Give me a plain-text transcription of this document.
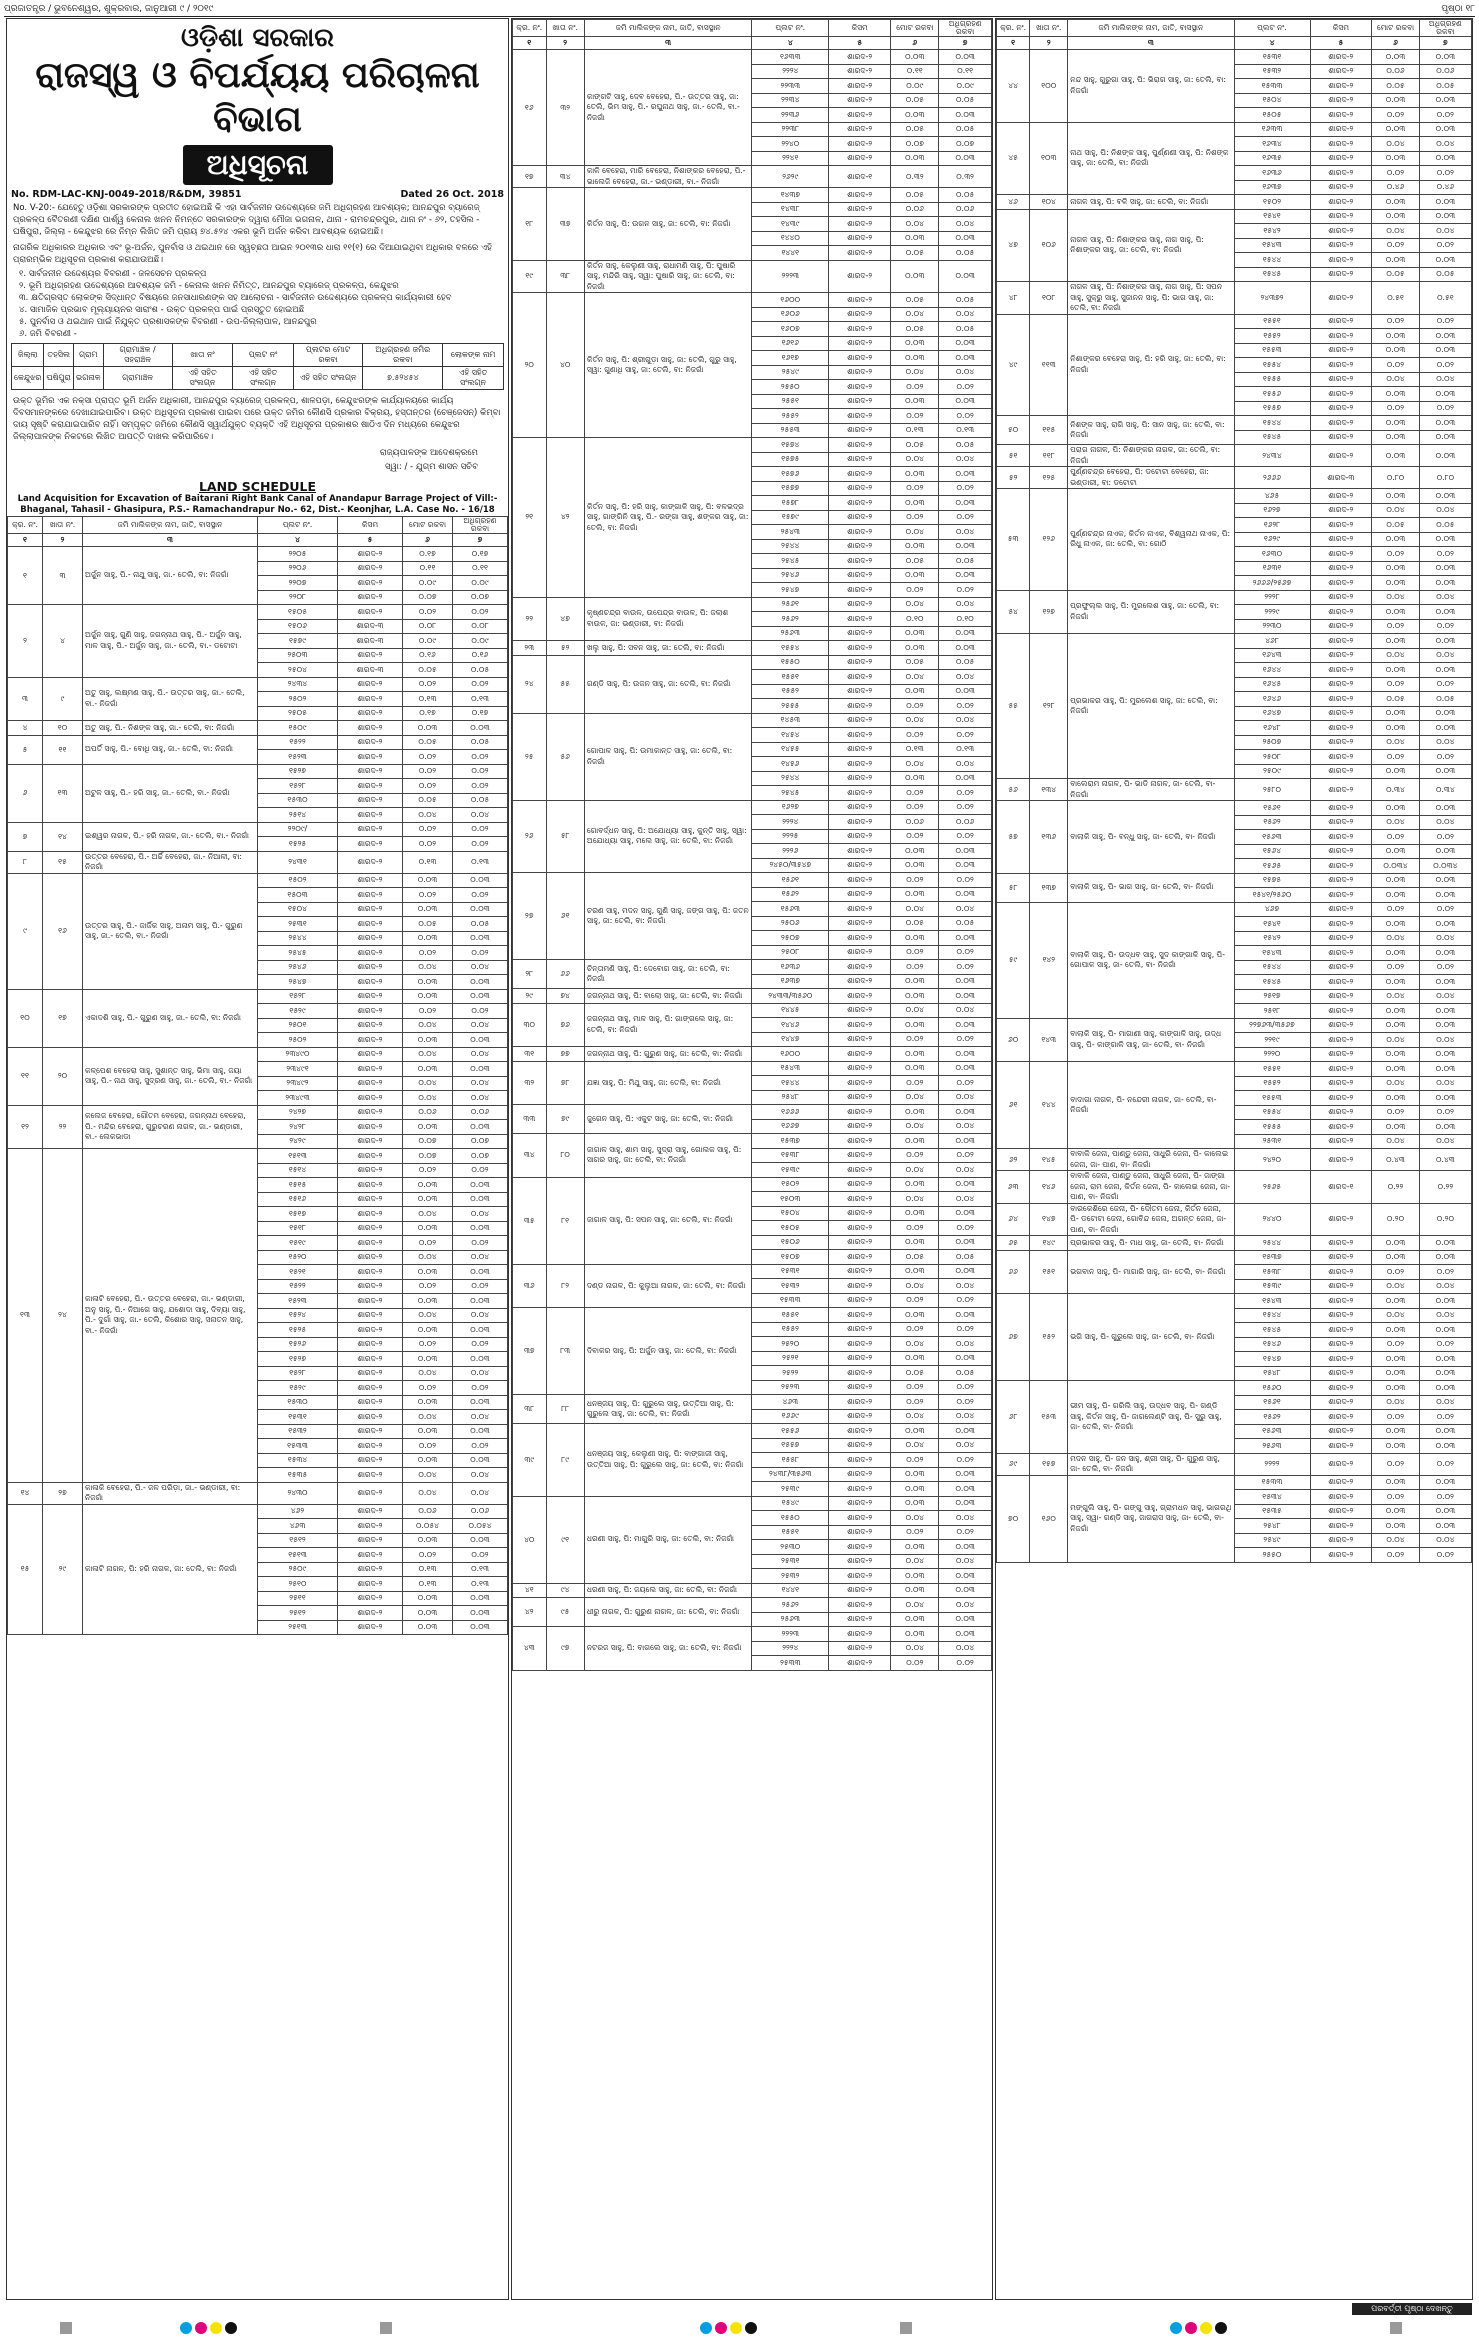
ପ୍ରଜାତନ୍ତ୍ର / ଭୁବନେଶ୍ୱର, ଶୁକ୍ରବାର, ଜାନୁଆରୀ ୯ / ୨୦୧୯	ପୃଷ୍ଠା ୧୮
ଓଡ଼ିଶା ସରକାର
ରାଜସ୍ୱ ଓ ବିପର୍ଯ୍ୟୟ ପରିଚାଳନା ବିଭାଗ
ଅଧିସୂଚନା
No. RDM-LAC-KNJ-0049-2018/R&DM, 39851	Dated 26 Oct. 2018
No. V-20:- ଯେହେତୁ ଓଡ଼ିଶା ସରକାରଙ୍କ ପ୍ରତୀତ ହୋଇଅଛି କି ଏହା ସାର୍ବଜନୀନ ଉଦ୍ଦେଶ୍ୟରେ ଜମି ଅଧିଗ୍ରହଣ ଆବଶ୍ୟକ; ଆନନ୍ଦପୁର ବ୍ୟାରେଜ୍ ପ୍ରକଳ୍ପ ବୈତରଣୀ ଦକ୍ଷିଣ ପାର୍ଶ୍ୱ କେନାଲ ଖନନ ନିମନ୍ତେ ସରକାରଙ୍କ ଦ୍ୱାରା ମୌଜା ଭଗନାଳ, ଥାନା - ରାମଚନ୍ଦ୍ରପୁର, ଥାନା ନଂ - ୬୨, ତହସିଲ - ଘଷିପୁରା, ଜିଲ୍ଲା - କେନ୍ଦୁଝର ରେ ନିମ୍ନ ଲିଖିତ ଜମି ପ୍ରାୟ ୭୪.୫୨୪ ଏକର ଭୂମି ଅର୍ଜନ କରିବା ଆବଶ୍ୟକ ହୋଇଅଛି।
ନାଗରିକ ଅଧିକାରର ଅଧିକାର ଏବଂ ଭୂ-ଅର୍ଜନ, ପୁନର୍ବାସ ଓ ଥଇଥାନ ରେ ସ୍ୱଚ୍ଛତା ଆଇନ ୨୦୧୩ର ଧାରା ୧୧(୧) ରେ ଦିଆଯାଇଥିବା ଅଧିକାର ବଳରେ ଏହି ପ୍ରାରମ୍ଭିକ ଅଧିସୂଚନା ପ୍ରକାଶ କରାଯାଉଅଛି।
୧. ସାର୍ବଜନୀନ ଉଦ୍ଦେଶ୍ୟର ବିବରଣୀ - ଜଳସେଚନ ପ୍ରକଳ୍ପ
୨. ଭୂମି ଅଧିଗ୍ରହଣ ଉଦ୍ଦେଶ୍ୟରେ ଆବଶ୍ୟକ ଜମି - କେନାଲ ଖନନ ନିମିତ୍ତ, ଆନନ୍ଦପୁର ବ୍ୟାରେଜ୍ ପ୍ରକଳ୍ପ, କେନ୍ଦୁଝର
୩. କ୍ଷତିଗ୍ରସ୍ତ ଲୋକଙ୍କ ସିଦ୍ଧାନ୍ତ ବିଷୟରେ ଜନସାଧାରଣଙ୍କ ସହ ଆଲୋଚନା - ସାର୍ବଜନୀନ ଉଦ୍ଦେଶ୍ୟରେ ପ୍ରକଳ୍ପ କାର୍ଯ୍ୟକାରୀ ହେବ
୪. ସାମାଜିକ ପ୍ରଭାବ ମୂଲ୍ୟାୟନର ସାରାଂଶ - ଉକ୍ତ ପ୍ରକଳ୍ପ ପାଇଁ ପ୍ରସ୍ତୁତ ହୋଇଅଛି
୫. ପୁନର୍ବାସ ଓ ଥଇଥାନ ପାଇଁ ନିଯୁକ୍ତ ପ୍ରଶାସକଙ୍କ ବିବରଣୀ - ଉପ-ଜିଲ୍ଲାପାଳ, ଆନନ୍ଦପୁର
୬. ଜମି ବିବରଣୀ -
ଜିଲ୍ଲା	ତହସିଲ	ଗ୍ରାମ	ଗ୍ରାମାଞ୍ଚଳ / ସହରାଞ୍ଚଳ	ଖାତା ନଂ	ପ୍ଲଟ ନଂ	ପ୍ଲଟର ମୋଟ ରକବା	ଅଧିଗ୍ରହଣ ଜମିର ରକବା	ଲୋକଙ୍କ ନାମ
କେନ୍ଦୁଝର	ଘଷିପୁରା	ଭଗନାଳ	ଗ୍ରାମାଞ୍ଚଳ	ଏହି ସହିତ ସଂଲଗ୍ନ	ଏହି ସହିତ ସଂଲଗ୍ନ	ଏହି ସହିତ ସଂଲଗ୍ନ	୭.୫୨୪୫୪	ଏହି ସହିତ ସଂଲଗ୍ନ
ଉକ୍ତ ଭୂମିର ଏକ ନକ୍ସା ପ୍ରାପ୍ତ ଭୂମି ଅର୍ଜନ ଅଧିକାରୀ, ଆନନ୍ଦପୁର ବ୍ୟାରେଜ୍ ପ୍ରକଳ୍ପ, ଶାଳପଡ଼ା, କେନ୍ଦୁଝରଙ୍କ କାର୍ଯ୍ୟାଳୟରେ କାର୍ଯ୍ୟ ଦିବସମାନଙ୍କରେ ଦେଖାଯାଇପାରିବ। ଉକ୍ତ ଅଧିସୂଚନା ପ୍ରକାଶ ପାଇବା ପରେ ଉକ୍ତ ଜମିର କୌଣସି ପ୍ରକାର ବିକ୍ରୟ, ହସ୍ତାନ୍ତର (ଚେଞ୍ଜେସନ୍) କିମ୍ବା ଦାୟ ସୃଷ୍ଟି କରାଯାଇପାରିବ ନାହିଁ। ସମ୍ପୃକ୍ତ ଜମିରେ କୌଣସି ସ୍ୱାର୍ଥଯୁକ୍ତ ବ୍ୟକ୍ତି ଏହି ଅଧିସୂଚନା ପ୍ରକାଶର ଷାଠିଏ ଦିନ ମଧ୍ୟରେ କେନ୍ଦୁଝର ଜିଲ୍ଲାପାଳଙ୍କ ନିକଟରେ ଲିଖିତ ଆପତ୍ତି ଦାଖଲ କରିପାରିବେ।
ରାଜ୍ୟପାଳଙ୍କ ଆଦେଶକ୍ରମେ
ସ୍ୱା: / - ଯୁଗ୍ମ ଶାସନ ସଚିବ
LAND SCHEDULE
Land Acquisition for Excavation of Baitarani Right Bank Canal of Anandapur Barrage Project of Vill:- Bhaganal, Tahasil - Ghasipura, P.S.- Ramachandrapur No.- 62, Dist.- Keonjhar, L.A. Case No. - 16/18
କ୍ର. ନଂ.	ଖାତା ନଂ.	ଜମି ମାଲିକଙ୍କ ନାମ, ଜାତି, ବାସସ୍ଥାନ	ପ୍ଲଟ ନଂ.	କିସମ	ମୋଟ ରକବା	ଅଧିଗ୍ରହଣ ରକବା
୧	୨	୩	୪	୫	୬	୭
୧	୩	ଅର୍ଜୁନ ସାହୁ, ପି.- ନାଥୁ ସାହୁ, ଜା.- ତେଲି, ବା: ନିଜଗାଁ	୨୨୦୫	ଶାରଦ-୨	୦.୧୭	୦.୧୭
			୨୨୦୬	ଶାରଦ-୨	୦.୧୧	୦.୧୧
			୨୨୦୭	ଶାରଦ-୨	୦.୦୯	୦.୦୯
			୨୨୦୮	ଶାରଦ-୨	୦.୦୭	୦.୦୭
୨	୪	ଅର୍ଜୁନ ସାହୁ, ଗୁଣି ସାହୁ, ଜଗନ୍ନାଥ ସାହୁ, ପି.- ଅର୍ଜୁନ ସାହୁ, ମାଳ ସାହୁ, ପି.- ଅର୍ଜୁନ ସାହୁ, ଜା.- ତେଲି, ବା.- ଡଟୋଟା	୧୫୦୫	ଶାରଦ-୨	୦.୦୨	୦.୦୨
			୧୫୦୬	ଶାରଦ-୩	୦.୦୮	୦.୦୮
			୧୫୭୯	ଶାରଦ-୩	୦.୦୯	୦.୦୯
			୨୫୦୩	ଶାରଦ-୨	୦.୧୬	୦.୧୬
			୨୫୦୪	ଶାରଦ-୩	୦.୦୫	୦.୦୫
୩	୯	ଅତୁ ସାହୁ, ଲକ୍ଷ୍ମଣ ସାହୁ, ପି.- ଉତ୍ତର ସାହୁ, ଜା.- ତେଲି, ବା.- ନିଜଗାଁ	୨୪୩୪	ଶାରଦ-୨	୦.୦୨	୦.୦୨
			୨୫୦୨	ଶାରଦ-୨	୦.୧୩	୦.୧୩
			୨୫୦୫	ଶାରଦ-୨	୦.୧୭	୦.୧୭
୪	୧୦	ଅତୁ ସାହୁ, ପି.- ନିଶଙ୍କ ସାହୁ, ଜା.- ତେଲି, ବା: ନିଜଗାଁ	୧୫୦୯	ଶାରଦ-୨	୦.୦୩	୦.୦୩
୫	୧୧	ଅପର୍ତି ସାହୁ, ପି.- ବୋଧି ସାହୁ, ଜା.- ତେଲି, ବା: ନିଜଗାଁ	୧୫୨୨	ଶାରଦ-୨	୦.୦୫	୦.୦୫
			୧୫୨୩	ଶାରଦ-୨	୦.୦୨	୦.୦୨
୬	୧୩	ଅଟୁଳ ସାହୁ, ପି.- ହରି ସାହୁ, ଜା.- ତେଲି, ବା.- ନିଜଗାଁ	୧୫୨୭	ଶାରଦ-୨	୦.୦୨	୦.୦୨
			୧୫୨୮	ଶାରଦ-୨	୦.୦୨	୦.୦୨
			୧୫୩୦	ଶାରଦ-୨	୦.୦୫	୦.୦୫
			୨୫୧୪	ଶାରଦ-୨	୦.୦୪	୦.୦୪
୭	୧୪	ଇଶ୍ୱର ନାଗଳ, ପି.- ହରି ନାଗଳ, ଜା.- ତେଲି, ବା.- ନିଜଗାଁ	୨୨୦୯/	ଶାରଦ-୨	୦.୦୨	୦.୦୨
			୧୫୨୫	ଶାରଦ-୨	୦.୦୨	୦.୦୨
୮	୧୫	ଉତ୍ତର ବେହେରା, ପି.- ଅର୍ଚ୍ଚି ବେହେରା, ଜା.- ନିଆଳୀ, ବା: ନିଜଗାଁ	୨୪୩୧	ଶାରଦ-୨	୦.୧୩	୦.୧୩
୯	୧୬	ଉତ୍ତର ସାହୁ, ପି.- ଜାର୍ଜିକ ସାହୁ, ଅନାମ ସାହୁ, ପି.- ଗୁରୁଣ ସାହୁ, ଜା.- ତେଲି, ବା.- ନିଜଗାଁ	୧୫୦୨	ଶାରଦ-୨	୦.୦୩	୦.୦୩
			୧୫୦୩	ଶାରଦ-୨	୦.୦୨	୦.୦୨
			୧୫୦୪	ଶାରଦ-୨	୦.୦୩	୦.୦୩
			୨୫୩୧	ଶାରଦ-୨	୦.୦୫	୦.୦୫
			୨୫୪୪	ଶାରଦ-୨	୦.୦୩	୦.୦୩
			୨୫୪୫	ଶାରଦ-୨	୦.୦୨	୦.୦୨
			୨୫୪୬	ଶାରଦ-୨	୦.୦୪	୦.୦୪
			୨୫୪୭	ଶାରଦ-୨	୦.୦୩	୦.୦୩
୧୦	୧୭	ଏକାଦଶି ସାହୁ, ପି.- ଗୁରୁଣ ସାହୁ, ଜା.- ତେଲି, ବା: ନିଜଗାଁ	୧୫୨୮	ଶାରଦ-୨	୦.୦୩	୦.୦୩
			୧୫୨୯	ଶାରଦ-୨	୦.୦୨	୦.୦୨
			୨୫୦୧	ଶାରଦ-୨	୦.୦୪	୦.୦୪
			୨୫୦୨	ଶାରଦ-୨	୦.୦୩	୦.୦୩
୧୧	୨୦	କଳ୍ପେଶ ବେହେରା ସାହୁ, ସୁଶାନ୍ତ ସାହୁ, ଭିମା ସାହୁ, ଜୟା ସାହୁ, ପି.- ନାଥ ସାହୁ, ସୁଦ୍ରଣ ସାହୁ, ଜା.- ତେଲି, ବା.- ନିଜଗାଁ	୨୩୪୯୦	ଶାରଦ-୨	୦.୦୪	୦.୦୪
			୨୩୪୯୧	ଶାରଦ-୨	୦.୦୩	୦.୦୩
			୨୩୪୯୨	ଶାରଦ-୨	୦.୦୪	୦.୦୪
			୨୩୪୯୩	ଶାରଦ-୨	୦.୦୪	୦.୦୪
୧୨	୨୨	କଲେଜ ବେହେରା, ଗୌତମ ବେହେରା, ଜଗନ୍ନାଥ ବେହେରା, ପି.- ମନ୍ଦିର ବେହେରା, ଗୁରୁଚରଣ ନାଗଳ, ଜା.- ଭଣ୍ଡାରୀ, ବା.- ଲେକଭାଡା	୨୪୨୭	ଶାରଦ-୨	୦.୦୬	୦.୦୬
			୨୪୨୮	ଶାରଦ-୨	୦.୦୩	୦.୦୩
			୨୪୨୯	ଶାରଦ-୨	୦.୦୭	୦.୦୭
୧୩	୨୪	କାଳାଟି ବେହେରା, ପି.- ଉତ୍ତର ବେହେରା, ଜା.- ଭଣ୍ଡାରୀ, ଅନୁ ସାହୁ, ପି.- ନିଆଗେ ସାହୁ, ଯଶୋଦା ସାହୁ, ଦିବ୍ୟା ସାହୁ, ପି.- ଦୁର୍ଗା ସାହୁ, ଜା.- ତେଲି, କିଶୋର ସାହୁ, ସନାତନ ସାହୁ, ବା.- ନିଜଗାଁ	୧୫୧୩	ଶାରଦ-୨	୦.୦୭	୦.୦୭
			୧୫୧୪	ଶାରଦ-୨	୦.୦୨	୦.୦୨
			୧୫୧୫	ଶାରଦ-୨	୦.୦୩	୦.୦୩
			୧୫୧୬	ଶାରଦ-୨	୦.୦୩	୦.୦୩
			୧୫୧୭	ଶାରଦ-୨	୦.୦୪	୦.୦୪
			୧୫୧୮	ଶାରଦ-୨	୦.୦୩	୦.୦୩
			୧୫୧୯	ଶାରଦ-୨	୦.୦୨	୦.୦୨
			୧୫୨୦	ଶାରଦ-୨	୦.୦୪	୦.୦୪
			୧୫୨୧	ଶାରଦ-୨	୦.୦୩	୦.୦୩
			୧୫୨୨	ଶାରଦ-୨	୦.୦୨	୦.୦୨
			୧୫୨୩	ଶାରଦ-୨	୦.୦୩	୦.୦୩
			୧୫୨୪	ଶାରଦ-୨	୦.୦୪	୦.୦୪
			୧୫୨୫	ଶାରଦ-୨	୦.୦୩	୦.୦୩
			୧୫୨୬	ଶାରଦ-୨	୦.୦୨	୦.୦୨
			୧୫୨୭	ଶାରଦ-୨	୦.୦୩	୦.୦୩
			୧୫୨୮	ଶାରଦ-୨	୦.୦୪	୦.୦୪
			୧୫୨୯	ଶାରଦ-୨	୦.୦୨	୦.୦୨
			୧୫୩୦	ଶାରଦ-୨	୦.୦୩	୦.୦୩
			୧୫୩୧	ଶାରଦ-୨	୦.୦୪	୦.୦୪
			୧୫୩୨	ଶାରଦ-୨	୦.୦୩	୦.୦୩
			୧୫୩୩	ଶାରଦ-୨	୦.୦୨	୦.୦୨
			୧୫୩୪	ଶାରଦ-୨	୦.୦୩	୦.୦୩
			୧୫୩୫	ଶାରଦ-୨	୦.୦୪	୦.୦୪
୧୪	୨୭	କାଳାକି ବେହେରା, ପି.- ଜଳ ପରିଡ଼ା, ଜା.- ଭଣ୍ଡାରୀ, ବା: ନିଜଗାଁ	୨୪୩୦	ଶାରଦ-୨	୦.୦୪	୦.୦୪
୧୫	୨୯	କାଳାଟି ନାଗଳ, ପି: ହରି ନାଗଳ, ଜା: ତେଲି, ବା: ନିଜଗାଁ	୪୬୨	ଶାରଦ-୨	୦.୦୬	୦.୦୬
			୪୬୩	ଶାରଦ-୨	୦.୦୫୪	୦.୦୫୪
			୧୫୧୨	ଶାରଦ-୨	୦.୦୩	୦.୦୩
			୧୫୧୩	ଶାରଦ-୨	୦.୦୨	୦.୦୨
			୨୫୦୯	ଶାରଦ-୨	୦.୧୩	୦.୧୩
			୨୫୧୦	ଶାରଦ-୨	୦.୧୩	୦.୧୩
			୨୫୧୧	ଶାରଦ-୨	୦.୦୩	୦.୦୩
			୨୫୧୨	ଶାରଦ-୨	୦.୦୩	୦.୦୩
			୨୫୧୩	ଶାରଦ-୨	୦.୦୩	୦.୦୩
କ୍ର. ନଂ.	ଖାତା ନଂ.	ଜମି ମାଲିକଙ୍କ ନାମ, ଜାତି, ବାସସ୍ଥାନ	ପ୍ଲଟ ନଂ.	କିସମ	ମୋଟ ରକବା	ଅଧିଗ୍ରହଣ ରକବା
୧	୨	୩	୪	୫	୬	୭
୧୬	୩୨	କାଙ୍ଗଟି ସାହୁ, ଦେବ ବେହେରା, ପି.- ଉତ୍ତର ସାହୁ, ଜା: ତେଲି, ଭିମ ସାହୁ, ପି.- ରଘୁନାଥ ସାହୁ, ଜା.- ତେଲି, ବା.- ନିଜଗାଁ	୧୬୩୩	ଶାରଦ-୨	୦.୦୩	୦.୦୩
			୨୨୨୪	ଶାରଦ-୨	୦.୧୧	୦.୧୧
			୨୨୩୩	ଶାରଦ-୨	୦.୦୯	୦.୦୯
			୨୨୩୪	ଶାରଦ-୨	୦.୦୫	୦.୦୫
			୨୨୩୬	ଶାରଦ-୨	୦.୦୩	୦.୦୩
			୨୨୩୮	ଶାରଦ-୨	୦.୦୫	୦.୦୫
			୨୨୪୦	ଶାରଦ-୨	୦.୦୭	୦.୦୭
			୨୨୪୧	ଶାରଦ-୨	୦.୦୩	୦.୦୩
୧୭	୩୪	କାଳି ବେହେରା, ମାରି ବେହେରା, ନିଶାଙ୍କର ବେହେରା, ପି.- ଭାଲେଜି ବେହେରା, ଜା.- ଭଣ୍ଡାରୀ, ବା.- ନିଜଗାଁ	୨୬୨୯	ଶାରଦ-୧	୦.୩୨	୦.୩୨
୧୮	୩୭	କିର୍ତନ ସାହୁ, ପି: ଉଗନ ସାହୁ, ଜା: ତେଲି, ବା: ନିଜଗାଁ	୧୪୩୭	ଶାରଦ-୨	୦.୦୫	୦.୦୫
			୧୪୩୮	ଶାରଦ-୨	୦.୦୬	୦.୦୬
			୧୪୩୯	ଶାରଦ-୨	୦.୦୪	୦.୦୪
			୧୪୪୦	ଶାରଦ-୨	୦.୦୩	୦.୦୩
			୧୪୪୧	ଶାରଦ-୨	୦.୦୫	୦.୦୫
୧୯	୩୮	କିର୍ତନ ସାହୁ, କେଲୁଣୀ ସାହୁ, ରାଧାମଣି ସାହୁ, ପି: ପୁଷାରି ସାହୁ, ମନ୍ଦିରି ସାହୁ, ସ୍ୱା: ପୁଷାରି ସାହୁ, ଜା: ତେଲି, ବା: ନିଜଗାଁ	୨୨୨୩	ଶାରଦ-୨	୦.୦୩	୦.୦୩
୨୦	୪୦	କିର୍ତନ ସାହୁ, ପି: ଶ୍ରୀଗୁଡ଼ା ସାହୁ, ଜା: ତେଲି, ଗୁରୁ ସାହୁ, ସ୍ୱା: ଗୁଣାଧି ସାହୁ, ଜା: ତେଲି, ବା: ନିଜଗାଁ	୧୬୦୦	ଶାରଦ-୨	୦.୦୫	୦.୦୫
			୧୬୦୬	ଶାରଦ-୨	୦.୦୪	୦.୦୪
			୧୬୦୭	ଶାରଦ-୨	୦.୦୫	୦.୦୫
			୧୬୧୬	ଶାରଦ-୨	୦.୦୩	୦.୦୩
			୧୬୧୭	ଶାରଦ-୨	୦.୦୩	୦.୦୩
			୨୫୪୯	ଶାରଦ-୨	୦.୦୪	୦.୦୪
			୨୫୫୦	ଶାରଦ-୨	୦.୦୨	୦.୦୨
			୨୫୫୧	ଶାରଦ-୨	୦.୦୩	୦.୦୩
			୨୫୫୨	ଶାରଦ-୨	୦.୦୨	୦.୦୨
			୨୫୫୩	ଶାରଦ-୨	୦.୧୩	୦.୧୩
୨୧	୪୨	କିର୍ତନ ସାହୁ, ପି: ହରି ସାହୁ, କାଙ୍ଗାଳି ସାହୁ, ପି: ବଳଭଦ୍ର ସାହୁ, ଗାଙ୍ଗିନି ସାହୁ, ପି.- ରଙ୍ଗା ସାହୁ, ଶଙ୍କର ସାହୁ, ଜା: ତେଲି, ବା: ନିଜଗାଁ	୧୫୭୪	ଶାରଦ-୨	୦.୦୫	୦.୦୫
			୧୫୭୫	ଶାରଦ-୨	୦.୦୪	୦.୦୪
			୧୫୭୬	ଶାରଦ-୨	୦.୦୩	୦.୦୩
			୧୫୭୭	ଶାରଦ-୨	୦.୦୨	୦.୦୨
			୧୫୭୮	ଶାରଦ-୨	୦.୦୩	୦.୦୩
			୧୫୭୯	ଶାରଦ-୨	୦.୦୨	୦.୦୨
			୨୫୪୩	ଶାରଦ-୨	୦.୦୪	୦.୦୪
			୨୫୪୪	ଶାରଦ-୨	୦.୦୩	୦.୦୩
			୨୫୪୫	ଶାରଦ-୨	୦.୦୫	୦.୦୫
			୨୫୪୬	ଶାରଦ-୨	୦.୦୩	୦.୦୩
			୨୫୪୭	ଶାରଦ-୨	୦.୦୨	୦.୦୨
୨୨	୪୭	କୃଷ୍ଣଚନ୍ଦ୍ର ବାଉଳ, ଉପେନ୍ଦ୍ର ବାଉଳ, ପି: ଜଲାଶ ବାଉଳ, ଜା: ଭଣ୍ଡାରୀ, ବା: ନିଜଗାଁ	୨୫୬୧	ଶାରଦ-୨	୦.୦୪	୦.୦୪
			୨୫୬୨	ଶାରଦ-୨	୦.୧୦	୦.୧୦
			୨୫୬୩	ଶାରଦ-୨	୦.୦୩	୦.୦୩
୨୩	୫୨	ଖଲୁ ସାହୁ, ପି: ସବନ ସାହୁ, ଜା: ତେଲି, ବା: ନିଜଗାଁ	୧୫୫୪	ଶାରଦ-୨	୦.୦୩	୦.୦୩
୨୪	୫୫	ଗଣ୍ଡି ସାହୁ, ପି: ଉଜନ ସାହୁ, ଜା: ତେଲି, ବା: ନିଜଗାଁ	୧୫୫୦	ଶାରଦ-୨	୦.୦୫	୦.୦୫
			୧୫୫୧	ଶାରଦ-୨	୦.୦୪	୦.୦୪
			୧୫୫୨	ଶାରଦ-୨	୦.୦୩	୦.୦୩
			୨୫୫୫	ଶାରଦ-୨	୦.୦୨	୦.୦୨
୨୫	୫୬	ଗୋପାଳ ସାହୁ, ପି: ଉମାକାନ୍ତ ସାହୁ, ଜା: ତେଲି, ବା: ନିଜଗାଁ	୧୪୫୩	ଶାରଦ-୨	୦.୦୪	୦.୦୪
			୧୪୫୪	ଶାରଦ-୨	୦.୦୨	୦.୦୨
			୧୪୫୫	ଶାରଦ-୨	୦.୧୩	୦.୧୩
			୧୪୫୬	ଶାରଦ-୨	୦.୦୪	୦.୦୪
			୨୫୪୪	ଶାରଦ-୨	୦.୦୩	୦.୦୩
			୨୫୪୫	ଶାରଦ-୨	୦.୦୨	୦.୦୨
୨୬	୫୮	ଗୋବର୍ଦ୍ଧନ ସାହୁ, ପି: ଅଯୋଧ୍ୟା ସାହୁ, କୁନ୍ତି ସାହୁ, ସ୍ୱା: ଅଯୋଧ୍ୟା ସାହୁ, ମଲେ ସାହୁ, ଜା: ତେଲି, ବା: ନିଜଗାଁ	୧୬୨୭	ଶାରଦ-୨	୦.୦୨	୦.୦୨
			୨୨୨୪	ଶାରଦ-୨	୦.୦୬	୦.୦୬
			୨୨୨୫	ଶାରଦ-୨	୦.୦୨	୦.୦୨
			୨୨୨୬	ଶାରଦ-୨	୦.୦୩	୦.୦୩
			୨୪୫୦/୩୫୪୭	ଶାରଦ-୨	୦.୦୩	୦.୦୩
୨୭	୬୧	ଚରଣ ସାହୁ, ମଦନ ସାହୁ, ଗୁଣି ସାହୁ, ଜଙ୍ଗ ସାହୁ, ପି: ଜତନ ସାହୁ, ଜା: ତେଲି, ବା: ନିଜଗାଁ	୧୫୬୧	ଶାରଦ-୨	୦.୦୨	୦.୦୨
			୧୫୬୨	ଶାରଦ-୨	୦.୦୩	୦.୦୩
			୧୫୬୩	ଶାରଦ-୨	୦.୦୪	୦.୦୪
			୨୫୦୬	ଶାରଦ-୨	୦.୦୫	୦.୦୫
			୨୫୦୭	ଶାରଦ-୨	୦.୦୩	୦.୦୩
			୨୫୦୮	ଶାରଦ-୨	୦.୦୨	୦.୦୨
୨୮	୬୬	ଚିନ୍ତାମଣି ସାହୁ, ପି: ଦେବୋଗ ସାହୁ, ଜା: ତେଲି, ବା: ନିଜଗାଁ	୧୬୩୬	ଶାରଦ-୨	୦.୦୨	୦.୦୨
			୧୬୩୭	ଶାରଦ-୨	୦.୦୩	୦.୦୩
୨୯	୭୪	ଜଗନ୍ନାଥ ସାହୁ, ପି: ବାଲୋ ସାହୁ, ଜା: ତେଲି, ବା: ନିଜଗାଁ	୨୪୩୩/୩୫୬୦	ଶାରଦ-୨	୦.୦୩	୦.୦୩
୩୦	୭୬	ଜଗନ୍ନାଥ ସାହୁ, ମାଳ ସାହୁ, ପି: ଗାଙ୍ଗଲେ ସାହୁ, ଜା: ତେଲି, ବା: ନିଜଗାଁ	୧୪୪୫	ଶାରଦ-୨	୦.୦୪	୦.୦୪
			୧୪୪୬	ଶାରଦ-୨	୦.୦୩	୦.୦୩
			୧୪୪୭	ଶାରଦ-୨	୦.୦୨	୦.୦୨
୩୧	୭୭	ଜଗନ୍ନାଥ ସାହୁ, ପି: ଗୁରୁଣ ସାହୁ, ଜା: ତେଲି, ବା: ନିଜଗାଁ	୧୬୦୦	ଶାରଦ-୨	୦.୦୩	୦.୦୩
୩୨	୭୮	ଯଜ୍ଞା ସାହୁ, ପି: ମିଥୁ ସାହୁ, ଜା: ତେଲି, ବା: ନିଜଗାଁ	୧୫୪୩	ଶାରଦ-୨	୦.୦୩	୦.୦୩
			୧୫୪୪	ଶାରଦ-୨	୦.୦୨	୦.୦୨
			୨୫୪୮	ଶାରଦ-୨	୦.୦୪	୦.୦୪
୩୩	୭୯	ଜୁଗେନ ସାହୁ, ପି: ଏକୁଟ ସାହୁ, ଜା: ତେଲି, ବା: ନିଜଗାଁ	୧୬୬୬	ଶାରଦ-୨	୦.୦୩	୦.୦୩
			୧୬୬୭	ଶାରଦ-୨	୦.୦୪	୦.୦୪
୩୪	୮୦	ଜାଗାଳ ସାହୁ, ଶାମ ସାହୁ, ସୁଦ୍ରା ସାହୁ, ଗୋଲକ ସାହୁ, ପି: ସାଗର ସାହୁ, ଜା: ତେଲି, ବା: ନିଜଗାଁ	୧୫୩୭	ଶାରଦ-୨	୦.୦୩	୦.୦୩
			୧୫୩୮	ଶାରଦ-୨	୦.୦୨	୦.୦୨
			୧୫୩୯	ଶାରଦ-୨	୦.୦୪	୦.୦୪
୩୫	୮୧	ଜାଗାଳ ସାହୁ, ପି: ସପନ ସାହୁ, ଜା: ତେଲି, ବା: ନିଜଗାଁ	୧୫୦୨	ଶାରଦ-୨	୦.୦୩	୦.୦୩
			୧୫୦୩	ଶାରଦ-୨	୦.୦୪	୦.୦୪
			୧୫୦୪	ଶାରଦ-୨	୦.୦୩	୦.୦୩
			୧୫୦୫	ଶାରଦ-୨	୦.୦୨	୦.୦୨
			୧୫୦୬	ଶାରଦ-୨	୦.୦୩	୦.୦୩
			୧୫୦୭	ଶାରଦ-୨	୦.୦୫	୦.୦୫
୩୬	୮୨	ଦଣ୍ଡ ନାଗଳ, ପି: କୁଲୁଆ ନାଗଳ, ଜା: ତେଲି, ବା: ନିଜଗାଁ	୧୫୩୧	ଶାରଦ-୨	୦.୦୩	୦.୦୩
			୧୫୩୨	ଶାରଦ-୨	୦.୦୪	୦.୦୪
			୧୫୩୩	ଶାରଦ-୨	୦.୦୨	୦.୦୨
୩୭	୮୩	ଦିବାକର ସାହୁ, ପି: ଅର୍ଜୁନ ସାହୁ, ଜା: ତେଲି, ବା: ନିଜଗାଁ	୧୫୫୧	ଶାରଦ-୨	୦.୦୩	୦.୦୩
			୧୫୫୨	ଶାରଦ-୨	୦.୦୨	୦.୦୨
			୨୫୨୦	ଶାରଦ-୨	୦.୦୪	୦.୦୪
			୨୫୨୧	ଶାରଦ-୨	୦.୦୩	୦.୦୩
			୨୫୨୨	ଶାରଦ-୨	୦.୦୫	୦.୦୫
			୨୫୨୩	ଶାରଦ-୨	୦.୦୨	୦.୦୨
୩୮	୮୮	ଧନଞ୍ଜୟ ସାହୁ, ପି: ଗୁରୁଲେ ସାହୁ, ଉତ୍ତିଆ ସାହୁ, ପି: ଗୁରୁଲେ ସାହୁ, ଜା: ତେଲି, ବା: ନିଜଗାଁ	୪୬୩	ଶାରଦ-୨	୦.୦୨	୦.୦୨
			୧୬୬୯	ଶାରଦ-୨	୦.୦୪	୦.୦୪
୩୯	୮୯	ଧନଞ୍ଜୟ ସାହୁ, କେଲୁଣୀ ସାହୁ, ପି: ବାଙ୍ଗାଜୀ ସାହୁ, ଉତ୍ତିଆ ସାହୁ, ପି: ଗୁରୁଲେ ସାହୁ, ଜା: ତେଲି, ବା: ନିଜଗାଁ	୧୫୫୬	ଶାରଦ-୨	୦.୦୩	୦.୦୩
			୧୫୫୭	ଶାରଦ-୨	୦.୦୪	୦.୦୪
			୧୫୫୮	ଶାରଦ-୨	୦.୦୨	୦.୦୨
			୨୪୩୮/୩୫୬୩	ଶାରଦ-୨	୦.୦୩	୦.୦୩
			୨୫୩୯	ଶାରଦ-୨	୦.୦୩	୦.୦୩
୪୦	୯୧	ଧରଣୀ ସାହୁ, ପି: ମାଗୁରି ସାହୁ, ଜା: ତେଲି, ବା: ନିଜଗାଁ	୧୫୪୯	ଶାରଦ-୨	୦.୦୩	୦.୦୩
			୧୫୫୦	ଶାରଦ-୨	୦.୦୪	୦.୦୪
			୧୫୫୧	ଶାରଦ-୨	୦.୦୨	୦.୦୨
			୨୫୩୦	ଶାରଦ-୨	୦.୦୩	୦.୦୩
			୨୫୩୧	ଶାରଦ-୨	୦.୦୪	୦.୦୪
			୨୫୩୨	ଶାରଦ-୨	୦.୦୩	୦.୦୩
୪୧	୯୪	ଧରଣୀ ସାହୁ, ପି: ଜୟଲେ ସାହୁ, ଜା: ତେଲି, ବା: ନିଜଗାଁ	୧୪୪୧	ଶାରଦ-୨	୦.୦୩	୦.୦୩
୪୨	୯୫	ଧୀରୁ ନାଗଳ, ପି: ଗୁରୁଣ ନାଗଳ, ଜା: ତେଲି, ବା: ନିଜଗାଁ	୨୫୬୨	ଶାରଦ-୨	୦.୦୪	୦.୦୪
			୨୫୬୩	ଶାରଦ-୨	୦.୦୩	୦.୦୩
୪୩	୯୭	ନଟରଜ ସାହୁ, ପି: ବାଗଲେ ସାହୁ, ଜା: ତେଲି, ବା: ନିଜଗାଁ	୨୨୨୩	ଶାରଦ-୨	୦.୦୩	୦.୦୩
			୨୨୨୪	ଶାରଦ-୨	୦.୦୪	୦.୦୪
			୨୫୩୩	ଶାରଦ-୨	୦.୦୨	୦.୦୨
କ୍ର. ନଂ.	ଖାତା ନଂ.	ଜମି ମାଲିକଙ୍କ ନାମ, ଜାତି, ବାସସ୍ଥାନ	ପ୍ଲଟ ନଂ.	କିସମ	ମୋଟ ରକବା	ଅଧିଗ୍ରହଣ ରକବା
୧	୨	୩	୪	୫	୬	୭
୪୪	୧୦୦	ନନ୍ଦ ସାହୁ, ଗୁରୁଗା ସାହୁ, ପି: ଭିରାଗ ସାହୁ, ଜା: ତେଲି, ବା: ନିଜଗାଁ	୧୫୩୧	ଶାରଦ-୨	୦.୦୩	୦.୦୩
			୧୫୩୨	ଶାରଦ-୨	୦.୦୬	୦.୦୬
			୧୫୩୩	ଶାରଦ-୨	୦.୦୫	୦.୦୫
			୧୫୦୪	ଶାରଦ-୨	୦.୦୩	୦.୦୩
			୧୫୦୫	ଶାରଦ-୨	୦.୦୨	୦.୦୨
୪୫	୧୦୩	ନାଥ ସାହୁ, ପି: ନିଶଙ୍କ ସାହୁ, ପୁର୍ଣ୍ଣଣୀ ସାହୁ, ପି: ନିଶଙ୍କ ସାହୁ, ଜା: ତେଲି, ବା: ନିଜଗାଁ	୧୬୩୩	ଶାରଦ-୨	୦.୦୩	୦.୦୩
			୧୬୩୪	ଶାରଦ-୨	୦.୦୪	୦.୦୪
			୧୬୩୫	ଶାରଦ-୨	୦.୦୩	୦.୦୩
			୧୬୩୬	ଶାରଦ-୨	୦.୦୨	୦.୦୨
			୧୬୩୭	ଶାରଦ-୨	୦.୪୬	୦.୪୬
୪୬	୧୦୪	ନାଗଳ ସାହୁ, ପି: ବଳି ସାହୁ, ଜା: ତେଲି, ବା: ନିଜଗାଁ	୧୫୦୨	ଶାରଦ-୨	୦.୦୩	୦.୦୩
୪୭	୧୦୬	ନାଗଳ ସାହୁ, ପି: ନିଶାଙ୍କର ସାହୁ, ନାଗ ସାହୁ, ପି: ନିଶାଙ୍କର ସାହୁ, ଜା: ତେଲି, ବା: ନିଜଗାଁ	୧୫୪୧	ଶାରଦ-୨	୦.୦୩	୦.୦୩
			୧୫୪୨	ଶାରଦ-୨	୦.୦୪	୦.୦୪
			୧୫୪୩	ଶାରଦ-୨	୦.୦୨	୦.୦୨
			୧୫୪୪	ଶାରଦ-୨	୦.୦୩	୦.୦୩
			୧୫୪୫	ଶାରଦ-୨	୦.୦୫	୦.୦୫
୪୮	୧୦୮	ନାଗଳ ସାହୁ, ପି: ନିଶାଙ୍କର ସାହୁ, ନାଗ ସାହୁ, ପି: ସପନ ସାହୁ, ସୁକ୍ରୁ ସାହୁ, ସୁଜାନନ ସାହୁ, ପି: ଭାଗ ସାହୁ, ଜା: ତେଲି, ବା: ନିଜଗାଁ	୨୪୩୭୨	ଶାରଦ-୨	୦.୫୧	୦.୫୧
୪୯	୧୧୩	ନିଶାଙ୍କର ବେହେରା ସାହୁ, ପି: ହରି ସାହୁ, ଜା: ତେଲି, ବା: ନିଜଗାଁ	୧୫୫୧	ଶାରଦ-୨	୦.୦୨	୦.୦୨
			୧୫୫୨	ଶାରଦ-୨	୦.୦୩	୦.୦୩
			୧୫୫୩	ଶାରଦ-୨	୦.୦୩	୦.୦୩
			୧୫୫୪	ଶାରଦ-୨	୦.୦୨	୦.୦୨
			୧୫୫୫	ଶାରଦ-୨	୦.୦୪	୦.୦୪
			୧୫୫୬	ଶାରଦ-୨	୦.୦୩	୦.୦୩
			୧୫୫୭	ଶାରଦ-୨	୦.୦୨	୦.୦୨
୫୦	୧୧୫	ନିଶଙ୍କ ସାହୁ, ରାଗି ସାହୁ, ପି: ସାନ ସାହୁ, ଜା: ତେଲି, ବା: ନିଜଗାଁ	୧୫୪୪	ଶାରଦ-୨	୦.୦୩	୦.୦୩
			୧୫୪୫	ଶାରଦ-୨	୦.୦୩	୦.୦୩
୫୧	୧୧୮	ପରାଗ ନାଗଳ, ପି: ନିଶାଙ୍କର ନାଗଳ, ଜା: ତେଲି, ବା: ନିଜଗାଁ	୨୪୩୪	ଶାରଦ-୨	୦.୦୩	୦.୦୩
୫୨	୧୨୫	ପୁର୍ଣ୍ଣଚନ୍ଦ୍ର ବେହେରା, ପି: ଡଟୋଟା ବେହେରା, ଜା: ଭଣ୍ଡାରୀ, ବା: ଡଟୋଟା	୨୬୬୬	ଶାରଦ-୩	୦.୮୦	୦.୮୦
୫୩	୧୨୬	ପୁର୍ଣ୍ଣଚନ୍ଦ୍ର ନାଏକ, କିର୍ତନ ନାଏକ, ବିଶ୍ୱନାଥ ନାଏକ, ପି: ରିଧୁ ନାଏକ, ଜା: ତେଲି, ବା: ଗୋଠି	୪୬୫	ଶାରଦ-୨	୦.୦୩	୦.୦୩
			୧୬୨୭	ଶାରଦ-୨	୦.୦୪	୦.୦୪
			୧୬୨୮	ଶାରଦ-୨	୦.୦୫	୦.୦୫
			୧୬୨୯	ଶାରଦ-୨	୦.୦୩	୦.୦୩
			୧୬୩୦	ଶାରଦ-୨	୦.୦୨	୦.୦୨
			୧୬୩୧	ଶାରଦ-୨	୦.୦୩	୦.୦୩
			୨୬୬୬/୨୫୬୭	ଶାରଦ-୨	୦.୦୩	୦.୦୩
୫୪	୧୨୭	ପ୍ରଫୁଲ୍ଲ ସାହୁ, ପି: ମୁରଲେଶ ସାହୁ, ଜା: ତେଲି, ବା: ନିଜଗାଁ	୨୨୨୮	ଶାରଦ-୨	୦.୦୪	୦.୦୪
			୨୨୨୯	ଶାରଦ-୨	୦.୦୩	୦.୦୩
			୨୨୩୦	ଶାରଦ-୨	୦.୦୨	୦.୦୨
୫୫	୧୨୮	ପ୍ରଭାକର ସାହୁ, ପି: ମୁରଲେଶ ସାହୁ, ଜା: ତେଲି, ବା: ନିଜଗାଁ	୪୬୮	ଶାରଦ-୨	୦.୦୩	୦.୦୩
			୧୬୪୩	ଶାରଦ-୨	୦.୦୪	୦.୦୪
			୧୬୪୪	ଶାରଦ-୨	୦.୦୩	୦.୦୩
			୧୬୪୫	ଶାରଦ-୨	୦.୦୨	୦.୦୨
			୧୬୪୬	ଶାରଦ-୨	୦.୦୫	୦.୦୫
			୧୬୪୭	ଶାରଦ-୨	୦.୦୩	୦.୦୩
			୧୬୪୮	ଶାରଦ-୨	୦.୦୩	୦.୦୩
			୨୫୦୭	ଶାରଦ-୨	୦.୦୪	୦.୦୪
			୨୫୦୮	ଶାରଦ-୨	୦.୦୨	୦.୦୨
			୨୫୦୯	ଶାରଦ-୨	୦.୦୩	୦.୦୩
୫୬	୧୩୪	ବାଲେରାମ ନାଗଳ, ପି- ଭାଡି ନାଗଳ, ଜା- ତେଲି, ବା- ନିଜଗାଁ	୨୫୮୦	ଶାରଦ-୨	୦.୩୪	୦.୩୪
୫୭	୧୩୬	ବାଲାକି ସାହୁ, ପି- ବନ୍ଧୁ ସାହୁ, ଜା- ତେଲି, ବା- ନିଜଗାଁ	୧୫୬୧	ଶାରଦ-୨	୦.୦୩	୦.୦୩
			୧୫୬୨	ଶାରଦ-୨	୦.୦୪	୦.୦୪
			୧୫୬୩	ଶାରଦ-୨	୦.୦୨	୦.୦୨
			୧୫୬୪	ଶାରଦ-୨	୦.୦୩	୦.୦୩
			୧୫୬୫	ଶାରଦ-୨	୦.୦୩୪	୦.୦୩୪
୫୮	୧୩୭	ବାଲାକି ସାହୁ, ପି- ଭାଗ ସାହୁ, ଜା- ତେଲି, ବା- ନିଜଗାଁ	୧୫୭୫	ଶାରଦ-୨	୦.୦୩	୦.୦୩
			୧୫୪୧/୨୫୬୦	ଶାରଦ-୨	୦.୦୩	୦.୦୩
୫୯	୧୪୨	ବାଲାକି ସାହୁ, ପି- ଉଦ୍ଧବ ସାହୁ, ସୁଦ କାଙ୍ଗାଳି ସାହୁ, ପି- ଗୋପାଳ ସାହୁ, ଜା- ତେଲି, ବା- ନିଜଗାଁ	୪୬୭	ଶାରଦ-୨	୦.୦୨	୦.୦୨
			୧୫୪୧	ଶାରଦ-୨	୦.୦୩	୦.୦୩
			୧୫୪୨	ଶାରଦ-୨	୦.୦୪	୦.୦୪
			୧୫୪୩	ଶାରଦ-୨	୦.୦୩	୦.୦୩
			୧୫୪୪	ଶାରଦ-୨	୦.୦୨	୦.୦୨
			୧୫୪୫	ଶାରଦ-୨	୦.୦୩	୦.୦୩
			୨୫୧୭	ଶାରଦ-୨	୦.୦୪	୦.୦୪
			୨୫୧୮	ଶାରଦ-୨	୦.୦୩	୦.୦୩
୬୦	୧୪୩	ବାଲାକି ସାହୁ, ପି- ମାଗାଣୀ ସାହୁ, କାଙ୍ଗାଳି ସାହୁ, ଉଦ୍ଧ ସାହୁ, ପି- କାଙ୍ଗାଳି ସାହୁ, ଜା- ତେଲି, ବା- ନିଜଗାଁ	୨୨୭୬୩/୩୫୬୭	ଶାରଦ-୨	୦.୦୩	୦.୦୩
			୨୨୧୯	ଶାରଦ-୨	୦.୦୪	୦.୦୪
			୨୨୨୦	ଶାରଦ-୨	୦.୦୩	୦.୦୩
୬୧	୧୪୪	ବାଦାଗା ନାଗଳ, ପି- ନନ୍ଦେରୀ ନାଗଳ, ଜା- ତେଲି, ବା- ନିଜଗାଁ	୧୫୫୧	ଶାରଦ-୨	୦.୦୩	୦.୦୩
			୧୫୫୨	ଶାରଦ-୨	୦.୦୪	୦.୦୪
			୧୫୫୩	ଶାରଦ-୨	୦.୦୩	୦.୦୩
			୧୫୫୪	ଶାରଦ-୨	୦.୦୨	୦.୦୨
			୧୫୫୫	ଶାରଦ-୨	୦.୦୩	୦.୦୩
			୨୫୩୧	ଶାରଦ-୨	୦.୦୪	୦.୦୪
୬୨	୧୪୫	ବାବାକି ଜେନା, ପାଣ୍ଡୁ ଜେନା, ସାଧୁରି ଜେନା, ପି- କାଲେଇ ଜେନା, ଜା- ପାଣ, ବା- ନିଜଗାଁ	୨୪୨୦	ଶାରଦ-୨	୦.୪୩	୦.୪୩
୬୩	୧୪୬	ବାବାକି ଜେନା, ପାଣ୍ଡୁ ଜେନା, ସାଧୁରି ଜେନା, ପି- ଜାଙ୍ଗା ଜେନା, ରାମ ଜେନା, କିର୍ତନ ଜେନା, ପି- କାଲେଇ ଜେନା, ଜା- ପାଣ, ବା- ନିଜଗାଁ	୨୫୬୫	ଶାରଦ-୧	୦.୨୨	୦.୨୨
୬୪	୧୪୭	ବାରକେଶିରେ ଜେନା, ପି- ଦୌତମ ଜେନା, କିର୍ତନ ଜେନା, ପି- ଡଟୋଟା ଜେନା, ଗୋବିନ୍ଦ ଜେନା, ଅଗନ୍ତ ଜେନା, ଜା- ପାଣ, ବା- ନିଜଗାଁ	୨୪୪୦	ଶାରଦ-୨	୦.୨୦	୦.୨୦
୬୫	୧୪୯	ପ୍ରଭାକର ସାହୁ, ପି- ମାଧ ସାହୁ, ଜା- ତେଲି, ବା- ନିଜଗାଁ	୨୫୪୪	ଶାରଦ-୨	୦.୦୩	୦.୦୩
୬୬	୧୫୧	ଭଗବାନ ସାହୁ, ପି- ମାଗାରି ସାହୁ, ଜା- ତେଲି, ବା- ନିଜଗାଁ	୧୫୩୭	ଶାରଦ-୨	୦.୦୩	୦.୦୩
			୧୫୩୮	ଶାରଦ-୨	୦.୦୨	୦.୦୨
			୧୫୩୯	ଶାରଦ-୨	୦.୦୪	୦.୦୪
୬୭	୧୫୨	ଭଗି ସାହୁ, ପି- ଗୁରୁଲେ ସାହୁ, ଜା- ତେଲି, ବା- ନିଜଗାଁ	୧୫୪୩	ଶାରଦ-୨	୦.୦୩	୦.୦୩
			୧୫୪୪	ଶାରଦ-୨	୦.୦୪	୦.୦୪
			୧୫୪୫	ଶାରଦ-୨	୦.୦୩	୦.୦୩
			୧୫୪୬	ଶାରଦ-୨	୦.୦୨	୦.୦୨
			୧୫୪୭	ଶାରଦ-୨	୦.୦୩	୦.୦୩
			୧୫୪୮	ଶାରଦ-୨	୦.୦୩	୦.୦୩
୬୮	୧୫୩	ଭୀମ ସାହୁ, ପି- ଗରିଲି ସାହୁ, ଉଦ୍ଧବ ସାହୁ, ପି- ଗଣ୍ଡି ସାହୁ, କିର୍ତନ ସାହୁ, ପି- ଜାଗଲେଣ୍ଟି ସାହୁ, ପି- ସୁରୁ ସାହୁ, ଜା- ତେଲି, ବା- ନିଜଗାଁ	୧୫୬୦	ଶାରଦ-୨	୦.୦୩	୦.୦୩
			୧୫୬୧	ଶାରଦ-୨	୦.୦୪	୦.୦୪
			୧୫୬୨	ଶାରଦ-୨	୦.୦୨	୦.୦୨
			୧୫୬୩	ଶାରଦ-୨	୦.୦୩	୦.୦୩
			୨୫୬୩	ଶାରଦ-୨	୦.୦୩	୦.୦୩
୬୯	୧୫୭	ମଦନ ସାହୁ, ପି- ଜନ ସାହୁ, ଶ୍ରୀ ସାହୁ, ପି- ଗୁରୁଣ ସାହୁ, ଜା- ତେଲି, ବା- ନିଜଗାଁ	୨୨୨୨	ଶାରଦ-୨	୦.୦୨	୦.୦୨
୭୦	୧୬୦	ମଙ୍ଗୁଲି ସାହୁ, ପି- ଗଙ୍ଗୁ ସାହୁ, ଗ୍ରାମଧନ ସାହୁ, ଭାଗରଥି ସାହୁ, ସ୍ୱା- ଗଣ୍ଡି ସାହୁ, ଜାଗରାସ ସାହୁ, ଜା- ତେଲି, ବା- ନିଜଗାଁ	୧୫୩୩	ଶାରଦ-୨	୦.୦୩	୦.୦୩
			୧୫୩୪	ଶାରଦ-୨	୦.୦୨	୦.୦୨
			୧୫୩୫	ଶାରଦ-୨	୦.୦୩	୦.୦୩
			୨୫୪୮	ଶାରଦ-୨	୦.୦୩	୦.୦୩
			୨୫୪୯	ଶାରଦ-୨	୦.୦୪	୦.୦୪
			୨୫୫୦	ଶାରଦ-୨	୦.୦୨	୦.୦୨
ପରବର୍ତ୍ତୀ ପୃଷ୍ଠା ଦେଖନ୍ତୁ
